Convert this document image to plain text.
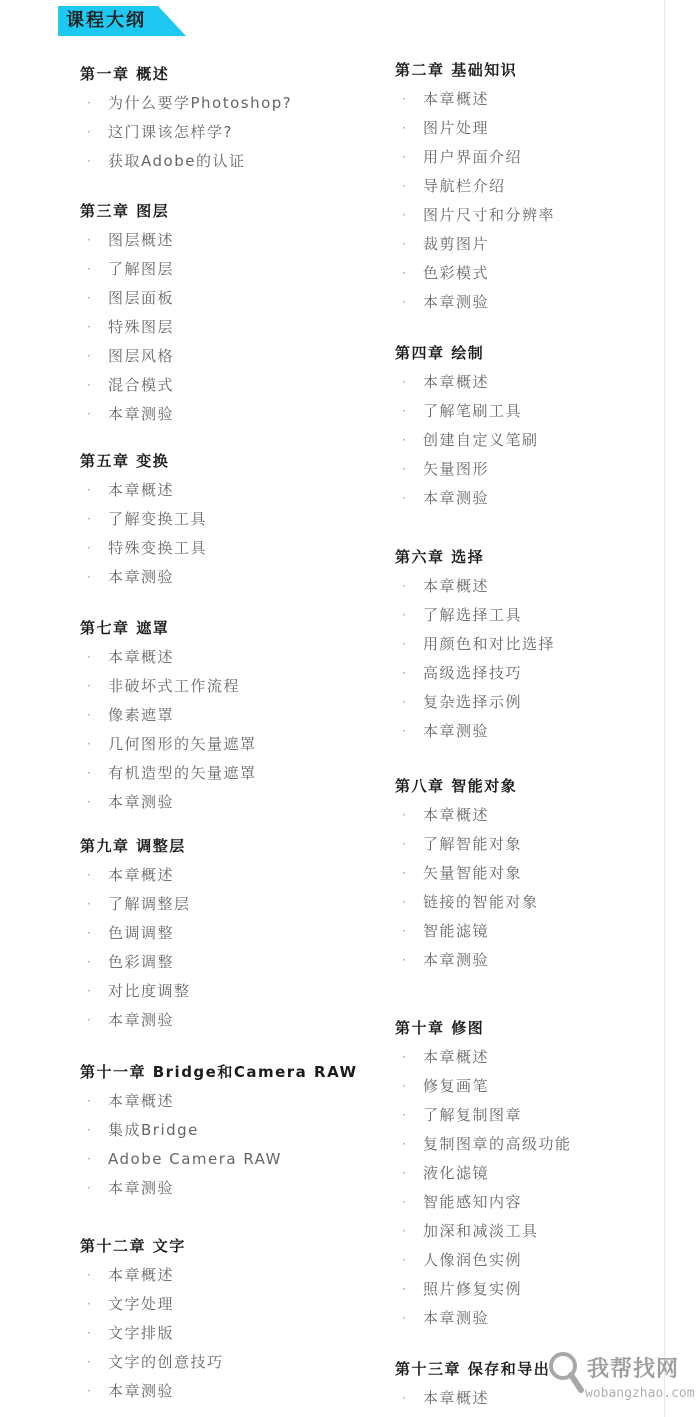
课程大纲
第一章 概述
· 为什么要学Photoshop?
· 这门课该怎样学?
· 获取Adobe的认证
第二章 基础知识
· 本章概述
· 图片处理
· 用户界面介绍
· 导航栏介绍
· 图片尺寸和分辨率
· 裁剪图片
· 色彩模式
· 本章测验
第三章 图层
· 图层概述
· 了解图层
· 图层面板
· 特殊图层
· 图层风格
· 混合模式
· 本章测验
第四章 绘制
· 本章概述
· 了解笔刷工具
· 创建自定义笔刷
· 矢量图形
· 本章测验
第五章 变换
· 本章概述
· 了解变换工具
· 特殊变换工具
· 本章测验
第六章 选择
· 本章概述
· 了解选择工具
· 用颜色和对比选择
· 高级选择技巧
· 复杂选择示例
· 本章测验
第七章 遮罩
· 本章概述
· 非破坏式工作流程
· 像素遮罩
· 几何图形的矢量遮罩
· 有机造型的矢量遮罩
· 本章测验
第八章 智能对象
· 本章概述
· 了解智能对象
· 矢量智能对象
· 链接的智能对象
· 智能滤镜
· 本章测验
第九章 调整层
· 本章概述
· 了解调整层
· 色调调整
· 色彩调整
· 对比度调整
· 本章测验	第十章 修图
· 本章概述
· 修复画笔
· 了解复制图章
· 复制图章的高级功能
· 液化滤镜
· 智能感知内容
· 加深和减淡工具
· 人像润色实例
· 照片修复实例
· 本章测验
第十一章 Bridge和Camera RAW
· 本章概述
· 集成Bridge
· Adobe Camera RAW
· 本章测验
第十二章 文字
· 本章概述
· 文字处理
· 文字排版
· 文字的创意技巧
· 本章测验
第十三章 保存和导出
· 本章概述
我帮找网
wobangzhao.com
